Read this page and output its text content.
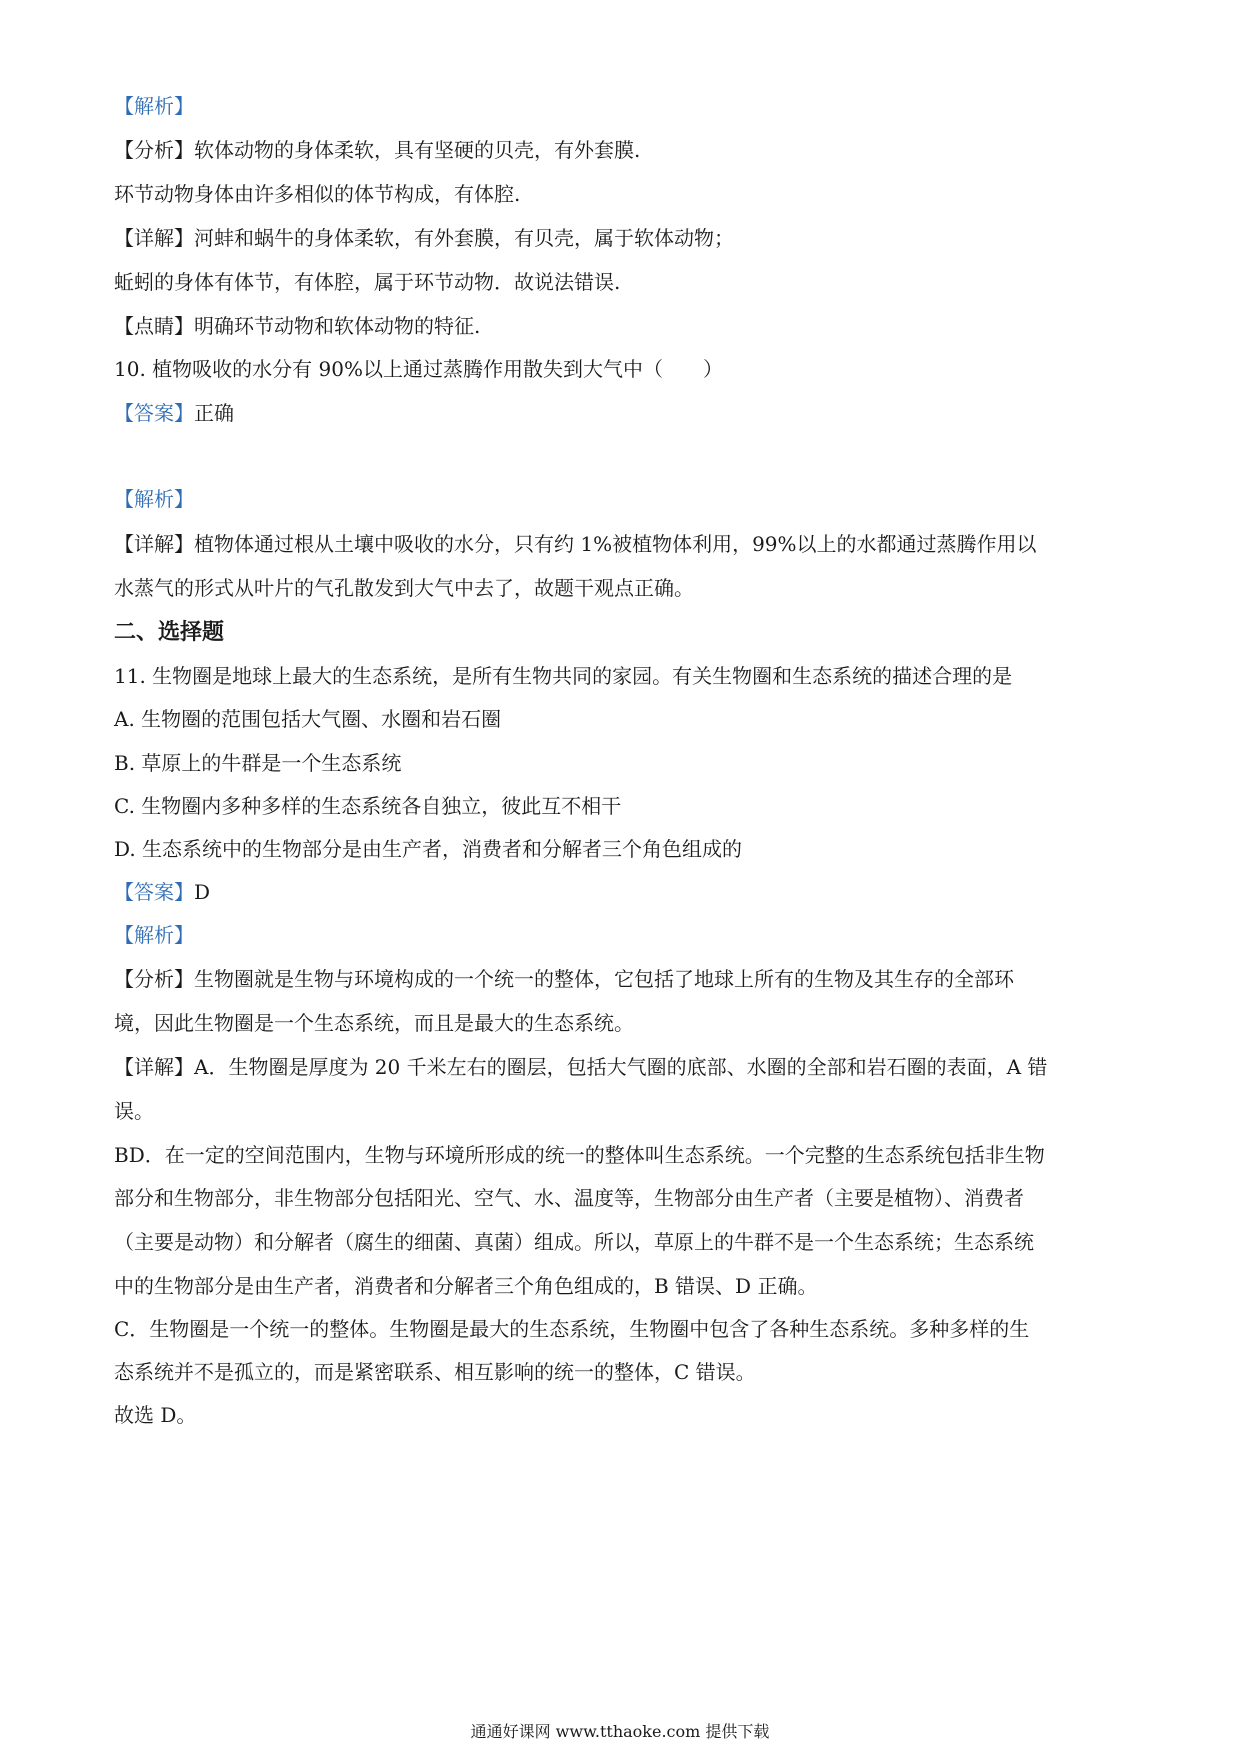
【解析】
【分析】软体动物的身体柔软，具有坚硬的贝壳，有外套膜.
环节动物身体由许多相似的体节构成，有体腔.
【详解】河蚌和蜗牛的身体柔软，有外套膜，有贝壳，属于软体动物；
蚯蚓的身体有体节，有体腔，属于环节动物．故说法错误.
【点睛】明确环节动物和软体动物的特征.
10. 植物吸收的水分有 90%以上通过蒸腾作用散失到大气中（　　）
【答案】正确
【解析】
【详解】植物体通过根从土壤中吸收的水分，只有约 1%被植物体利用，99%以上的水都通过蒸腾作用以
水蒸气的形式从叶片的气孔散发到大气中去了，故题干观点正确。
二、选择题
11. 生物圈是地球上最大的生态系统，是所有生物共同的家园。有关生物圈和生态系统的描述合理的是
A. 生物圈的范围包括大气圈、水圈和岩石圈
B. 草原上的牛群是一个生态系统
C. 生物圈内多种多样的生态系统各自独立，彼此互不相干
D. 生态系统中的生物部分是由生产者，消费者和分解者三个角色组成的
【答案】D
【解析】
【分析】生物圈就是生物与环境构成的一个统一的整体，它包括了地球上所有的生物及其生存的全部环
境，因此生物圈是一个生态系统，而且是最大的生态系统。
【详解】A．生物圈是厚度为 20 千米左右的圈层，包括大气圈的底部、水圈的全部和岩石圈的表面，A 错
误。
BD．在一定的空间范围内，生物与环境所形成的统一的整体叫生态系统。一个完整的生态系统包括非生物
部分和生物部分，非生物部分包括阳光、空气、水、温度等，生物部分由生产者（主要是植物）、消费者
（主要是动物）和分解者（腐生的细菌、真菌）组成。所以，草原上的牛群不是一个生态系统；生态系统
中的生物部分是由生产者，消费者和分解者三个角色组成的，B 错误、D 正确。
C．生物圈是一个统一的整体。生物圈是最大的生态系统，生物圈中包含了各种生态系统。多种多样的生
态系统并不是孤立的，而是紧密联系、相互影响的统一的整体，C 错误。
故选 D。
通通好课网 www.tthaoke.com 提供下载
